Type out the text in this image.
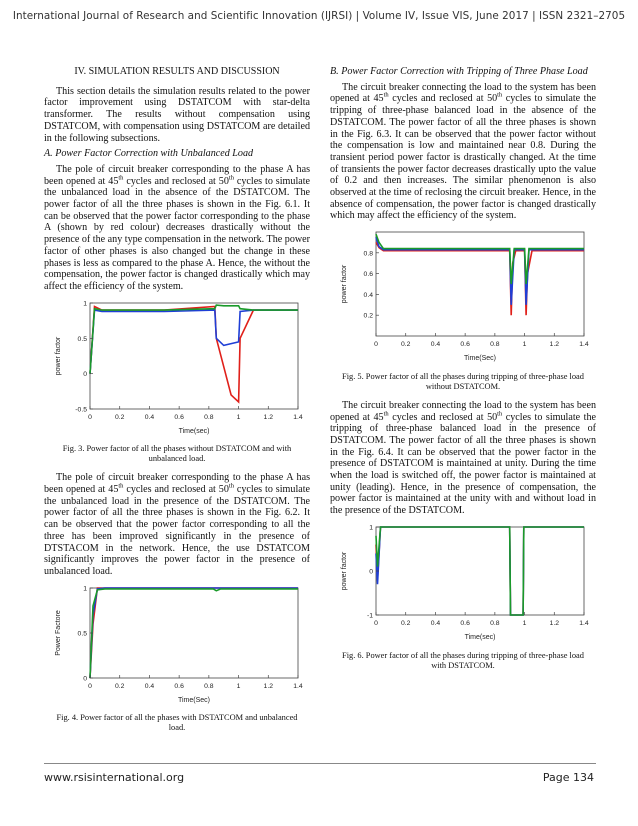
International Journal of Research and Scientific Innovation (IJRSI) | Volume IV, Issue VIS, June 2017 | ISSN 2321–2705
IV. SIMULATION RESULTS AND DISCUSSION

This section details the simulation results related to the power factor improvement using DSTATCOM with star-delta transformer. The results without compensation using DSTATCOM, with compensation using DSTATCOM are detailed in the following subsections.

A. Power Factor Correction with Unbalanced Load

The pole of circuit breaker corresponding to the phase A has been opened at 45th cycles and reclosed at 50th cycles to simulate the unbalanced load in the absence of the DSTATCOM. The power factor of all the three phases is shown in the Fig. 6.1. It can be observed that the power factor corresponding to the phase A (shown by red colour) decreases drastically without the presence of the any type compensation in the network. The power factor of other phases is also changed but the change in these phases is less as compared to the phase A. Hence, the without the compensation, the power factor is changed drastically which may affect the efficiency of the system.

0	0.2	0.4	0.6	0.8	1	1.2	1.4
-0.5
0
0.5
1
Time(sec)
power factor

Fig. 3. Power factor of all the phases without DSTATCOM and with unbalanced load.

The pole of circuit breaker corresponding to the phase A has been opened at 45th cycles and reclosed at 50th cycles to simulate the unbalanced load in the presence of the DSTATCOM. The power factor of all the three phases is shown in the Fig. 6.2. It can be observed that the power factor corresponding to all the three has been improved significantly in the presence of DTSTACOM in the network. Hence, the use DSTATCOM significantly improves the power factor in the presence of unbalanced load.

0	0.2	0.4	0.6	0.8	1	1.2	1.4
0
0.5
1
Time(Sec)
Power Factore

Fig. 4. Power factor of all the phases with DSTATCOM and unbalanced load.

B. Power Factor Correction with Tripping of Three Phase Load

The circuit breaker connecting the load to the system has been opened at 45th cycles and reclosed at 50th cycles to simulate the tripping of three-phase balanced load in the absence of the DSTATCOM. The power factor of all the three phases is shown in the Fig. 6.3. It can be observed that the power factor without the compensation is low and maintained near 0.8. During the transient period power factor is drastically changed. At the time of transients the power factor decreases drastically upto the value of 0.2 and then increases. The similar phenomenon is also observed at the time of reclosing the circuit breaker. Hence, in the absence of compensation, the power factor is changed drastically which may affect the efficiency of the system.

0	0.2	0.4	0.6	0.8	1	1.2	1.4
0.2
0.4
0.6
0.8
Time(Sec)
power factor

Fig. 5. Power factor of all the phases during tripping of three-phase load without DSTATCOM.

The circuit breaker connecting the load to the system has been opened at 45th cycles and reclosed at 50th cycles to simulate the tripping of three-phase balanced load in the presence of DSTATCOM. The power factor of all the three phases is shown in the Fig. 6.4. It can be observed that the power factor in the presence of DSTATCOM is maintained at unity. During the time when the load is switched off, the power factor is maintained at unity (leading). Hence, in the presence of compensation, the power factor is maintained at the unity with and without load in the presence of the DSTATCOM.

0	0.2	0.4	0.6	0.8	1	1.2	1.4
-1
0
1
Time(sec)
power factor

Fig. 6. Power factor of all the phases during tripping of three-phase load with DSTATCOM.

www.rsisinternational.org	Page 134
